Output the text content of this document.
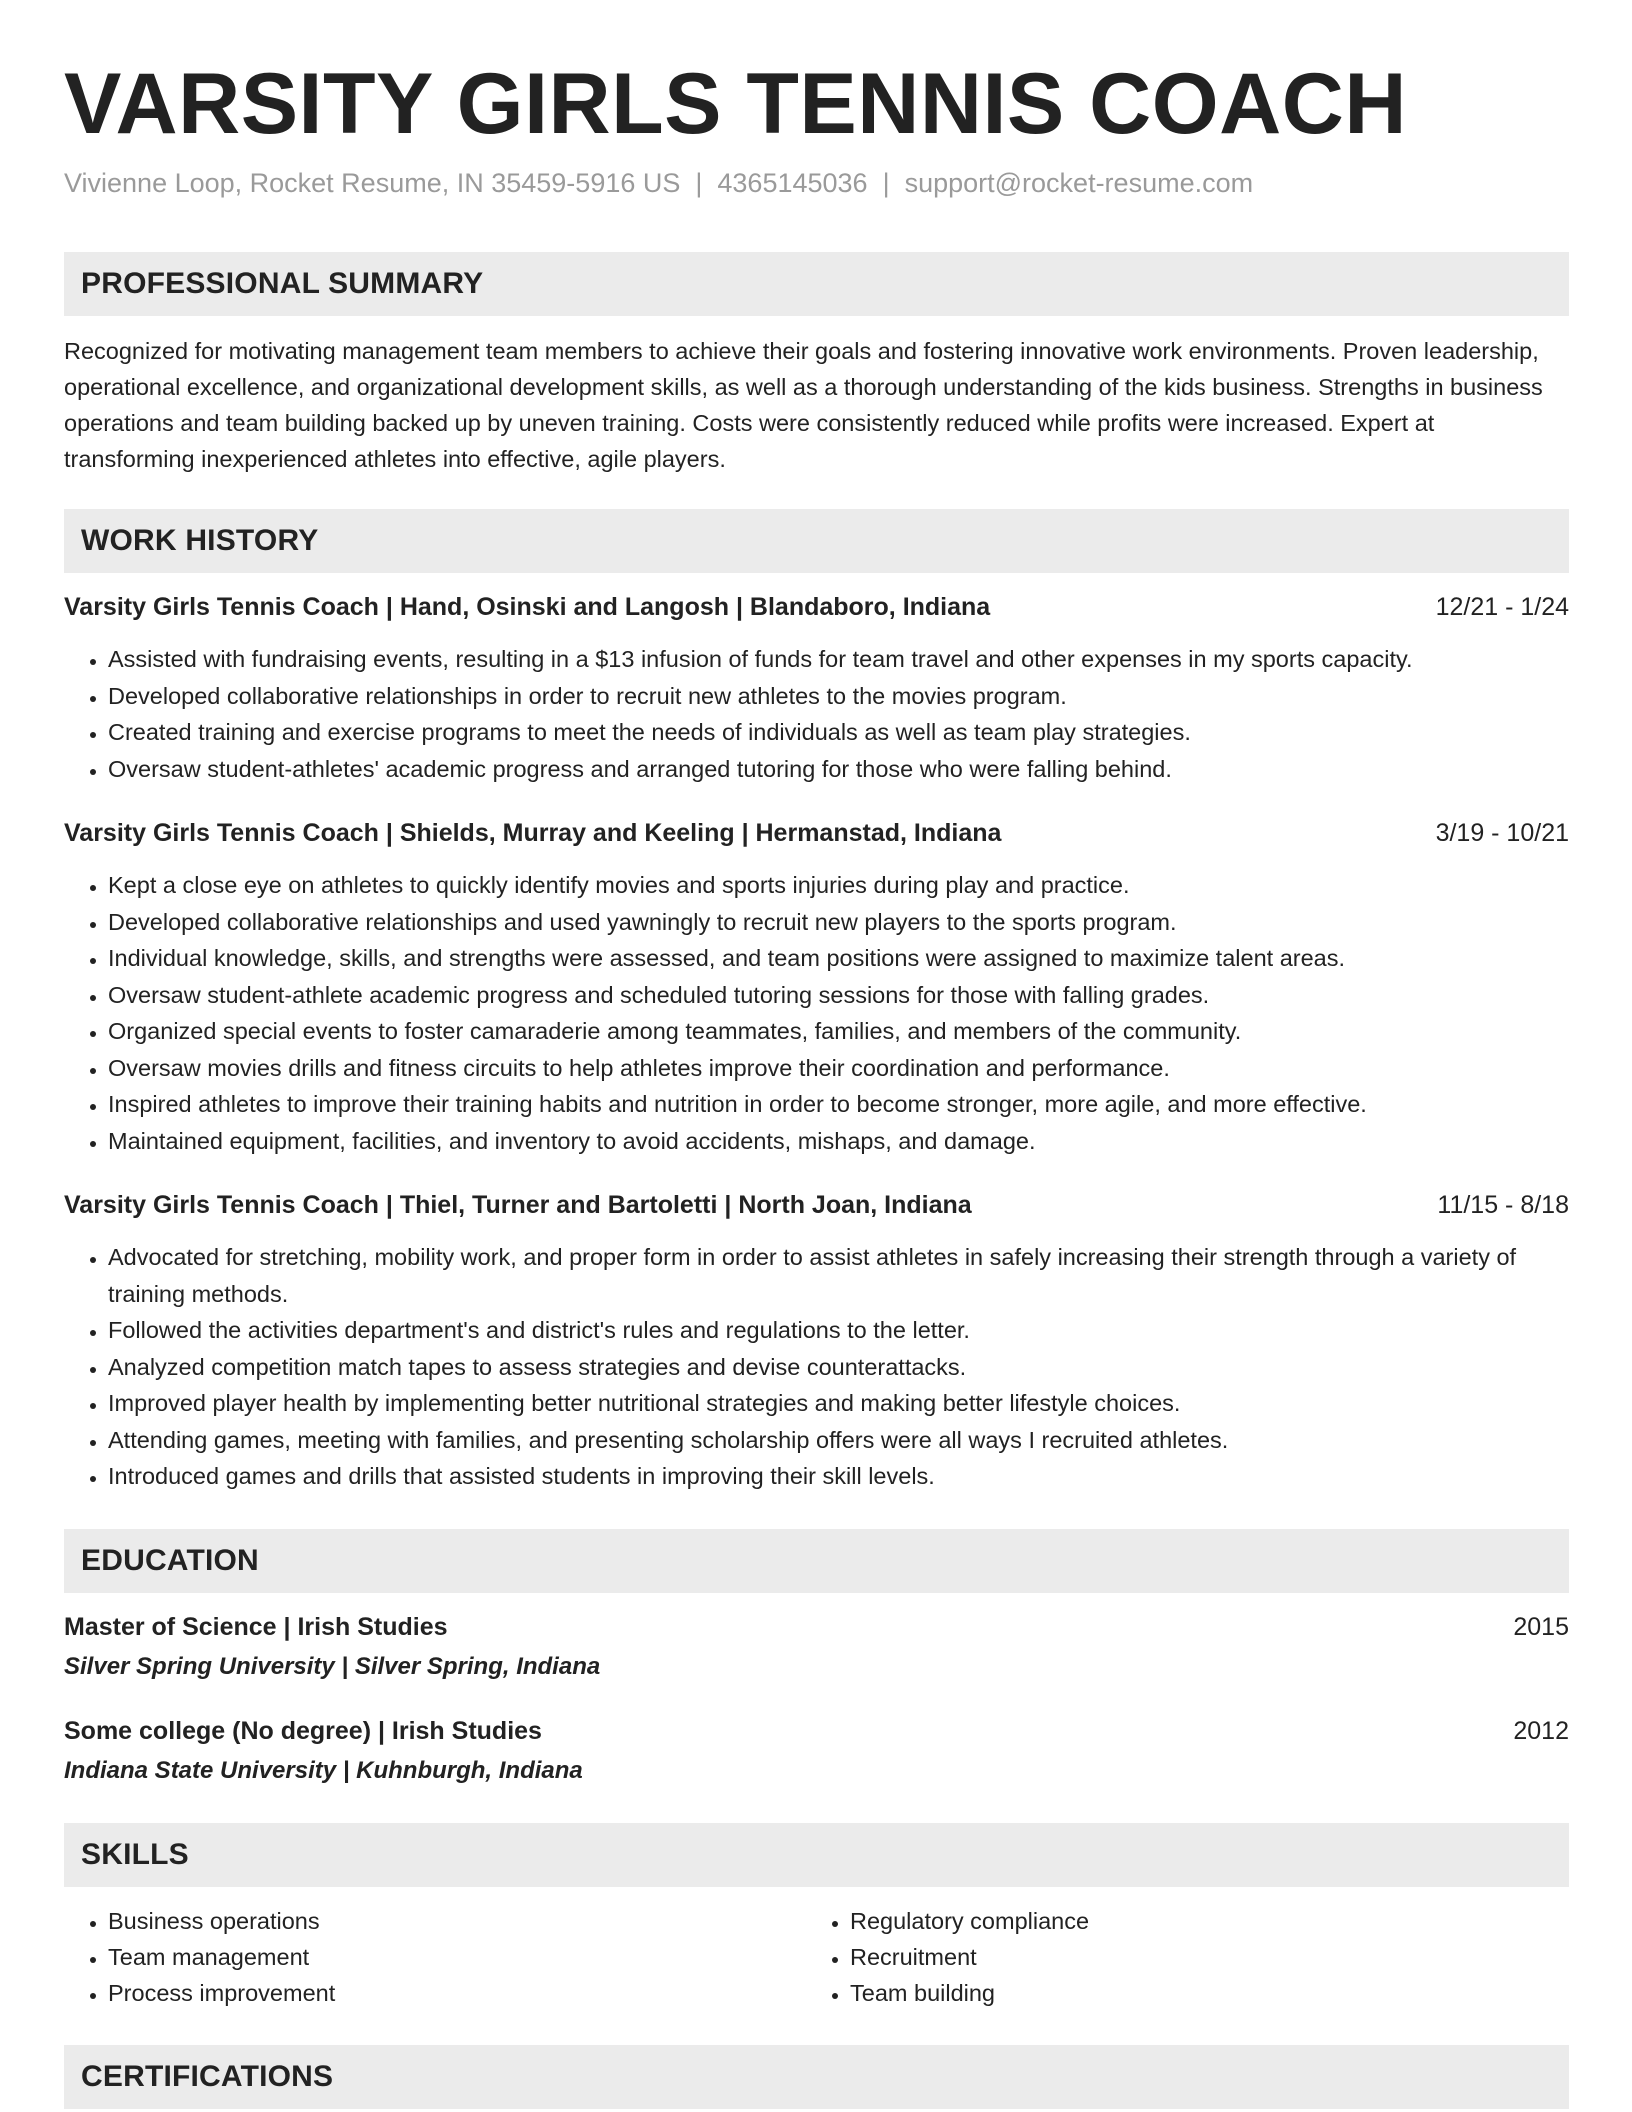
VARSITY GIRLS TENNIS COACH
Vivienne Loop, Rocket Resume, IN 35459-5916 US | 4365145036 | support@rocket-resume.com
PROFESSIONAL SUMMARY
Recognized for motivating management team members to achieve their goals and fostering innovative work environments. Proven leadership, operational excellence, and organizational development skills, as well as a thorough understanding of the kids business. Strengths in business operations and team building backed up by uneven training. Costs were consistently reduced while profits were increased. Expert at transforming inexperienced athletes into effective, agile players.
WORK HISTORY
Varsity Girls Tennis Coach | Hand, Osinski and Langosh | Blandaboro, Indiana	12/21 - 1/24
• Assisted with fundraising events, resulting in a $13 infusion of funds for team travel and other expenses in my sports capacity.
• Developed collaborative relationships in order to recruit new athletes to the movies program.
• Created training and exercise programs to meet the needs of individuals as well as team play strategies.
• Oversaw student-athletes' academic progress and arranged tutoring for those who were falling behind.
Varsity Girls Tennis Coach | Shields, Murray and Keeling | Hermanstad, Indiana	3/19 - 10/21
• Kept a close eye on athletes to quickly identify movies and sports injuries during play and practice.
• Developed collaborative relationships and used yawningly to recruit new players to the sports program.
• Individual knowledge, skills, and strengths were assessed, and team positions were assigned to maximize talent areas.
• Oversaw student-athlete academic progress and scheduled tutoring sessions for those with falling grades.
• Organized special events to foster camaraderie among teammates, families, and members of the community.
• Oversaw movies drills and fitness circuits to help athletes improve their coordination and performance.
• Inspired athletes to improve their training habits and nutrition in order to become stronger, more agile, and more effective.
• Maintained equipment, facilities, and inventory to avoid accidents, mishaps, and damage.
Varsity Girls Tennis Coach | Thiel, Turner and Bartoletti | North Joan, Indiana	11/15 - 8/18
• Advocated for stretching, mobility work, and proper form in order to assist athletes in safely increasing their strength through a variety of training methods.
• Followed the activities department's and district's rules and regulations to the letter.
• Analyzed competition match tapes to assess strategies and devise counterattacks.
• Improved player health by implementing better nutritional strategies and making better lifestyle choices.
• Attending games, meeting with families, and presenting scholarship offers were all ways I recruited athletes.
• Introduced games and drills that assisted students in improving their skill levels.
EDUCATION
Master of Science | Irish Studies	2015
Silver Spring University | Silver Spring, Indiana
Some college (No degree) | Irish Studies	2012
Indiana State University | Kuhnburgh, Indiana
SKILLS
• Business operations
• Team management
• Process improvement
• Regulatory compliance
• Recruitment
• Team building
CERTIFICATIONS
